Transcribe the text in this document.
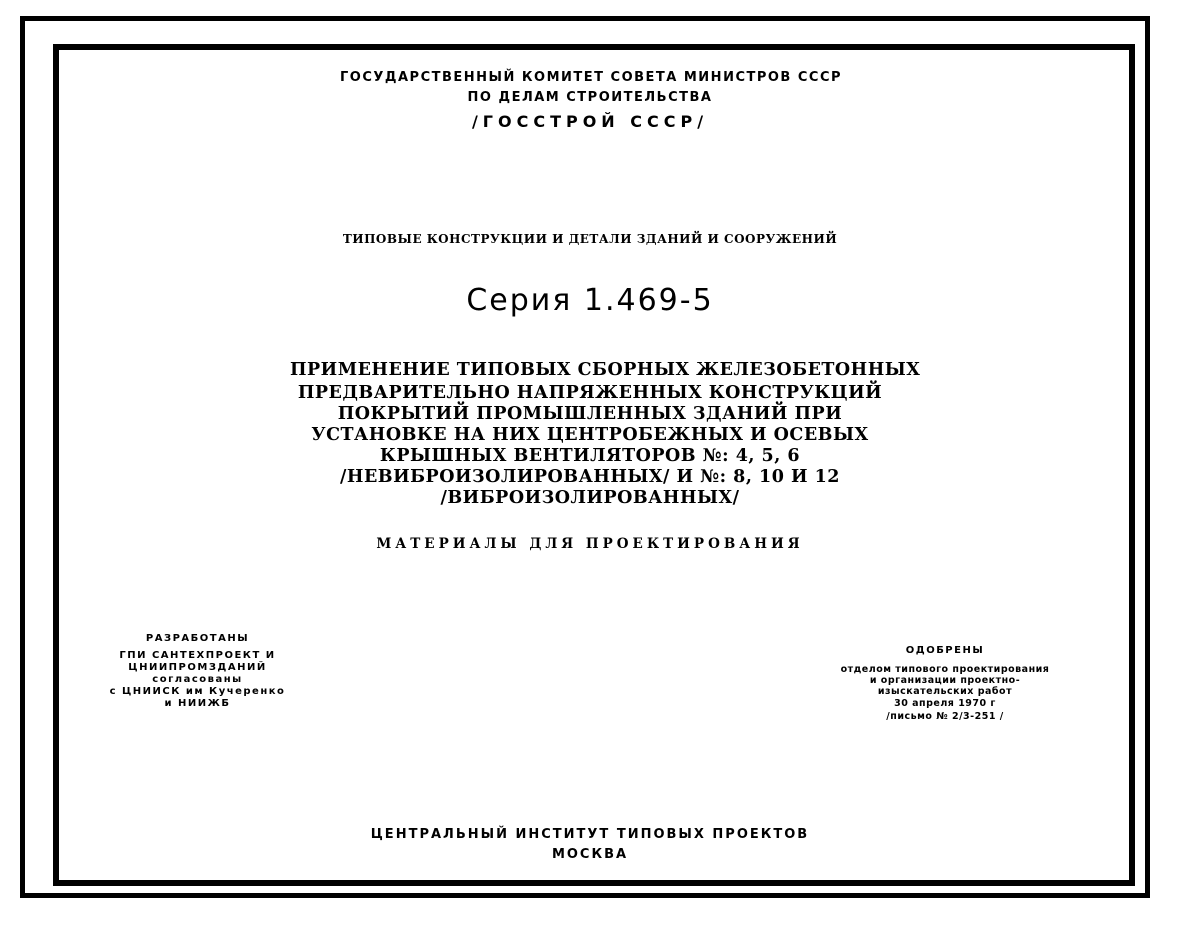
ГОСУДАРСТВЕННЫЙ КОМИТЕТ СОВЕТА МИНИСТРОВ СССР
ПО ДЕЛАМ СТРОИТЕЛЬСТВА
/ГОССТРОЙ СССР/
ТИПОВЫЕ КОНСТРУКЦИИ И ДЕТАЛИ ЗДАНИЙ И СООРУЖЕНИЙ
Серия 1.469-5
ПРИМЕНЕНИЕ ТИПОВЫХ СБОРНЫХ ЖЕЛЕЗОБЕТОННЫХ
ПРЕДВАРИТЕЛЬНО НАПРЯЖЕННЫХ КОНСТРУКЦИЙ
ПОКРЫТИЙ ПРОМЫШЛЕННЫХ ЗДАНИЙ ПРИ
УСТАНОВКЕ НА НИХ ЦЕНТРОБЕЖНЫХ И ОСЕВЫХ
КРЫШНЫХ ВЕНТИЛЯТОРОВ №: 4, 5, 6
/НЕВИБРОИЗОЛИРОВАННЫХ/ И №: 8, 10 И 12
/ВИБРОИЗОЛИРОВАННЫХ/
МАТЕРИАЛЫ ДЛЯ ПРОЕКТИРОВАНИЯ
РАЗРАБОТАНЫ
ГПИ САНТЕХПРОЕКТ И
ЦНИИПРОМЗДАНИЙ
согласованы
с ЦНИИСК им Кучеренко
и НИИЖБ
ОДОБРЕНЫ
отделом типового проектирования
и организации проектно-
изыскательских работ
30 апреля 1970 г
/письмо № 2/3-251 /
ЦЕНТРАЛЬНЫЙ ИНСТИТУТ ТИПОВЫХ ПРОЕКТОВ
МОСКВА
